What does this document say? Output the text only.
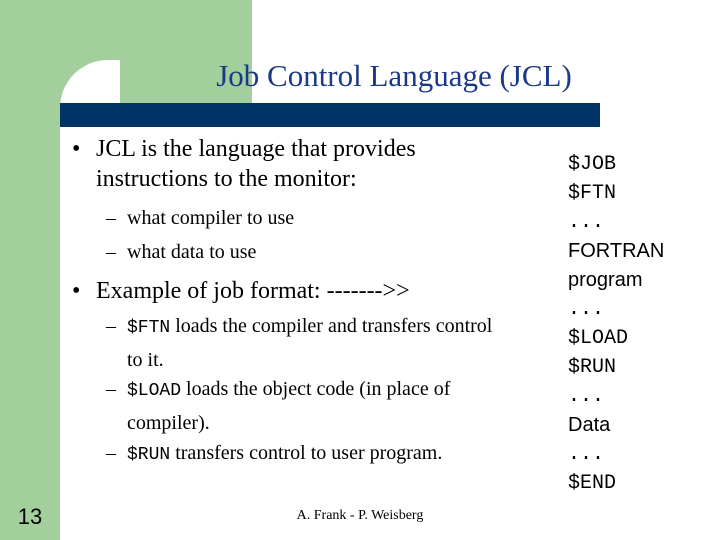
Job Control Language (JCL)
• JCL is the language that provides instructions to the monitor:
– what compiler to use
– what data to use
• Example of job format: ------->>
– $FTN loads the compiler and transfers control to it.
– $LOAD loads the object code (in place of compiler).
– $RUN transfers control to user program.
$JOB
$FTN
...
FORTRAN
program
...
$LOAD
$RUN
...
Data
...
$END
13	A. Frank - P. Weisberg
